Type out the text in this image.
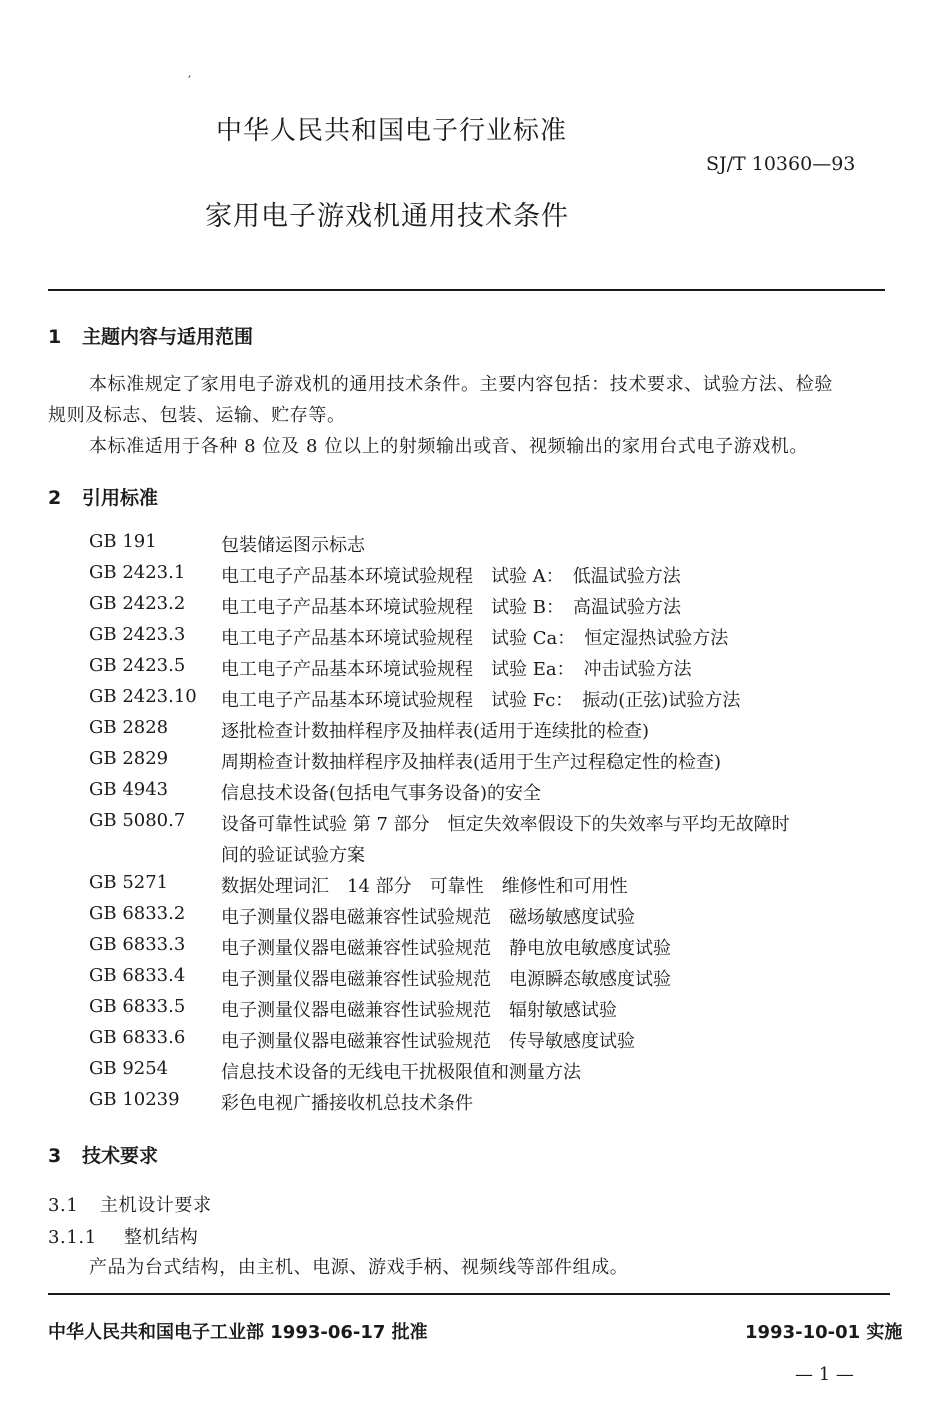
′
中华人民共和国电子行业标准
SJ/T 10360—93
家用电子游戏机通用技术条件
1 主题内容与适用范围
本标准规定了家用电子游戏机的通用技术条件。主要内容包括：技术要求、试验方法、检验
规则及标志、包装、运输、贮存等。
本标准适用于各种 8 位及 8 位以上的射频输出或音、视频输出的家用台式电子游戏机。
2 引用标准
GB 191	包装储运图示标志
GB 2423.1	电工电子产品基本环境试验规程　试验 A：　低温试验方法
GB 2423.2	电工电子产品基本环境试验规程　试验 B：　高温试验方法
GB 2423.3	电工电子产品基本环境试验规程　试验 Ca：　恒定湿热试验方法
GB 2423.5	电工电子产品基本环境试验规程　试验 Ea：　冲击试验方法
GB 2423.10	电工电子产品基本环境试验规程　试验 Fc：　振动(正弦)试验方法
GB 2828	逐批检查计数抽样程序及抽样表(适用于连续批的检查)
GB 2829	周期检查计数抽样程序及抽样表(适用于生产过程稳定性的检查)
GB 4943	信息技术设备(包括电气事务设备)的安全
GB 5080.7	设备可靠性试验 第 7 部分　恒定失效率假设下的失效率与平均无故障时
间的验证试验方案
GB 5271	数据处理词汇　14 部分　可靠性　维修性和可用性
GB 6833.2	电子测量仪器电磁兼容性试验规范　磁场敏感度试验
GB 6833.3	电子测量仪器电磁兼容性试验规范　静电放电敏感度试验
GB 6833.4	电子测量仪器电磁兼容性试验规范　电源瞬态敏感度试验
GB 6833.5	电子测量仪器电磁兼容性试验规范　辐射敏感试验
GB 6833.6	电子测量仪器电磁兼容性试验规范　传导敏感度试验
GB 9254	信息技术设备的无线电干扰极限值和测量方法
GB 10239	彩色电视广播接收机总技术条件
3 技术要求
3.1 主机设计要求
3.1.1 整机结构
产品为台式结构，由主机、电源、游戏手柄、视频线等部件组成。
中华人民共和国电子工业部 1993-06-17 批准	1993-10-01 实施
— 1 —
